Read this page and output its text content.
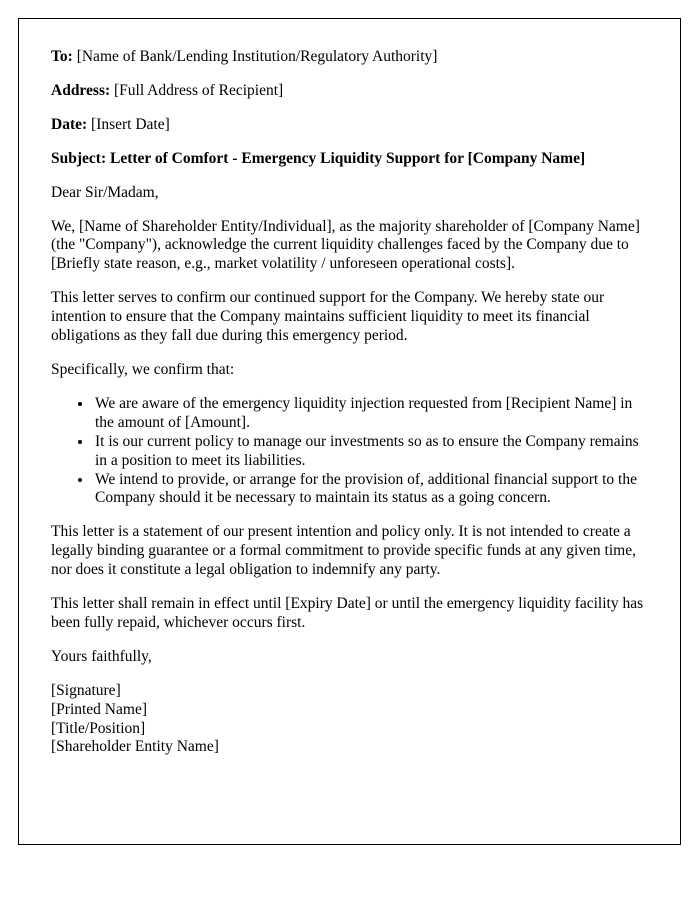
To: [Name of Bank/Lending Institution/Regulatory Authority]
Address: [Full Address of Recipient]
Date: [Insert Date]
Subject: Letter of Comfort - Emergency Liquidity Support for [Company Name]

Dear Sir/Madam,

We, [Name of Shareholder Entity/Individual], as the majority shareholder of [Company Name] (the "Company"), acknowledge the current liquidity challenges faced by the Company due to [Briefly state reason, e.g., market volatility / unforeseen operational costs].

This letter serves to confirm our continued support for the Company. We hereby state our intention to ensure that the Company maintains sufficient liquidity to meet its financial obligations as they fall due during this emergency period.

Specifically, we confirm that:

• We are aware of the emergency liquidity injection requested from [Recipient Name] in the amount of [Amount].
• It is our current policy to manage our investments so as to ensure the Company remains in a position to meet its liabilities.
• We intend to provide, or arrange for the provision of, additional financial support to the Company should it be necessary to maintain its status as a going concern.

This letter is a statement of our present intention and policy only. It is not intended to create a legally binding guarantee or a formal commitment to provide specific funds at any given time, nor does it constitute a legal obligation to indemnify any party.

This letter shall remain in effect until [Expiry Date] or until the emergency liquidity facility has been fully repaid, whichever occurs first.

Yours faithfully,

[Signature]
[Printed Name]
[Title/Position]
[Shareholder Entity Name]
